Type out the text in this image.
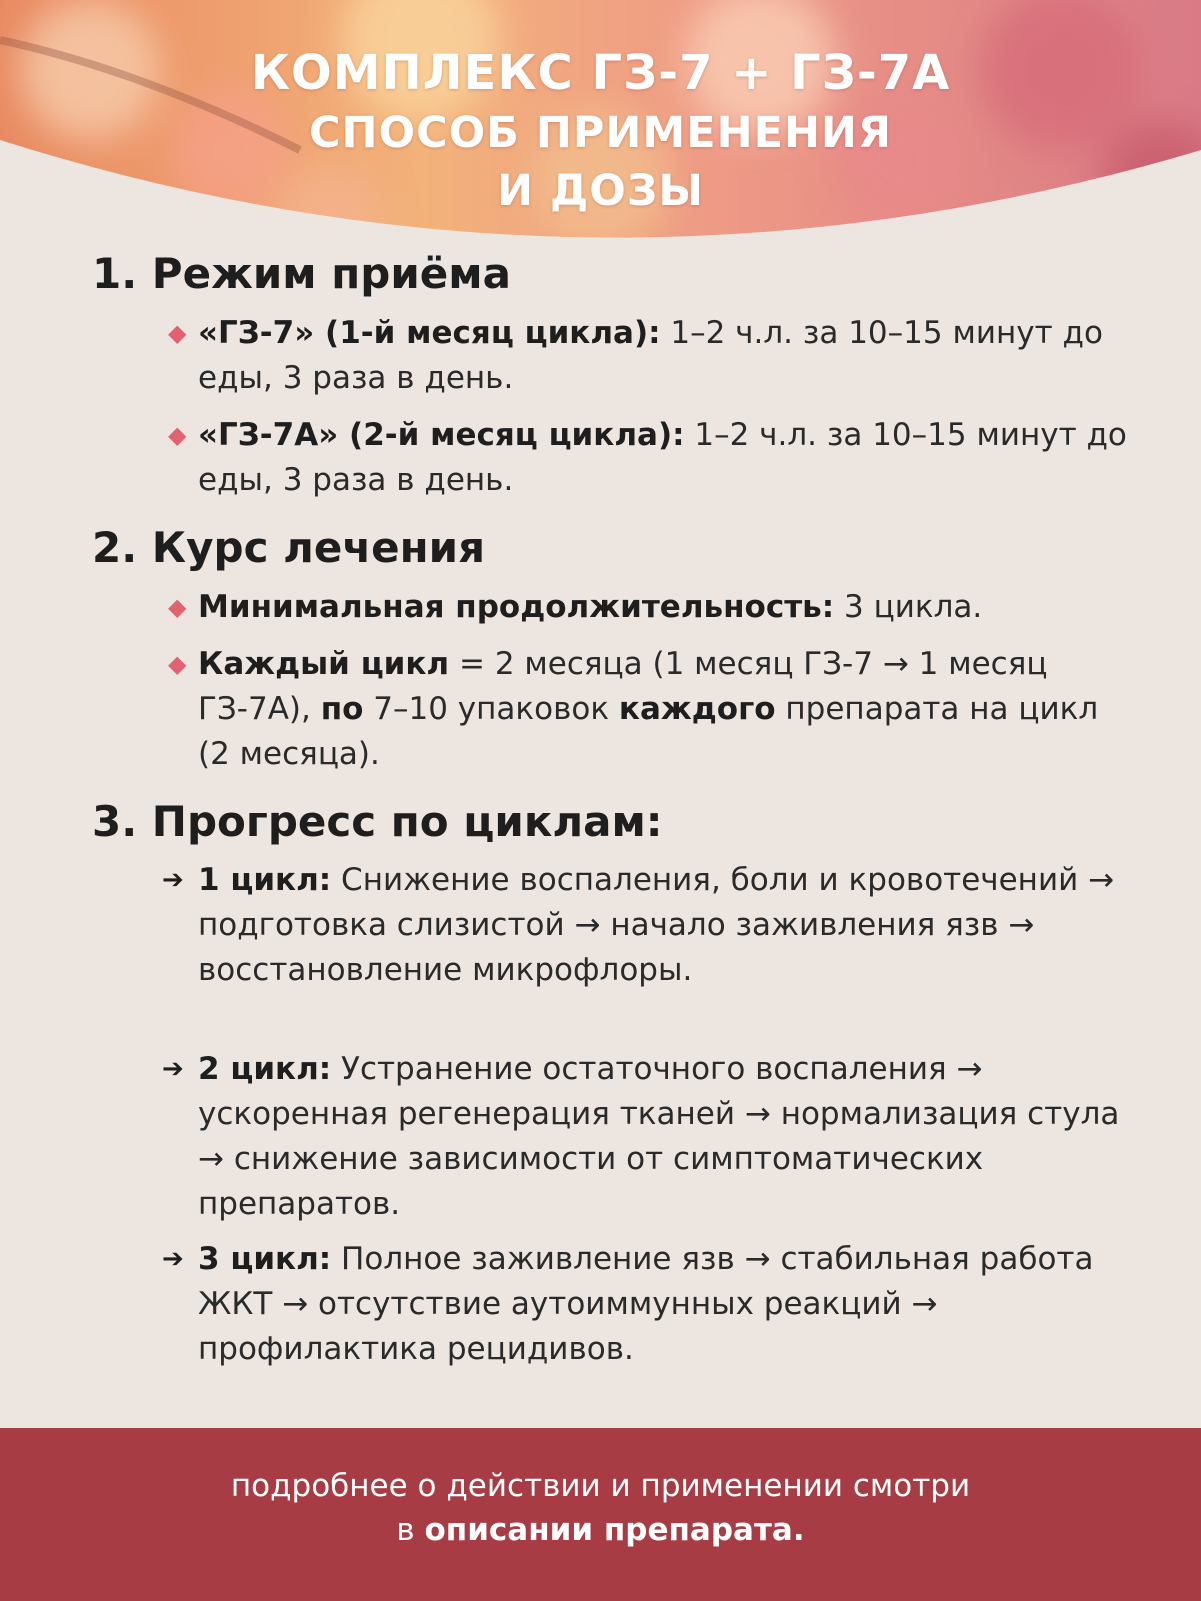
КОМПЛЕКС ГЗ-7 + ГЗ-7А
СПОСОБ ПРИМЕНЕНИЯ
И ДОЗЫ
1. Режим приёма
◆ «ГЗ-7» (1-й месяц цикла): 1–2 ч.л. за 10–15 минут до еды, 3 раза в день.
◆ «ГЗ-7А» (2-й месяц цикла): 1–2 ч.л. за 10–15 минут до еды, 3 раза в день.
2. Курс лечения
◆ Минимальная продолжительность: 3 цикла.
◆ Каждый цикл = 2 месяца (1 месяц ГЗ-7 → 1 месяц ГЗ-7А), по 7–10 упаковок каждого препарата на цикл (2 месяца).
3. Прогресс по циклам:
➔ 1 цикл: Снижение воспаления, боли и кровотечений → подготовка слизистой → начало заживления язв → восстановление микрофлоры.
➔ 2 цикл: Устранение остаточного воспаления → ускоренная регенерация тканей → нормализация стула → снижение зависимости от симптоматических препаратов.
➔ 3 цикл: Полное заживление язв → стабильная работа ЖКТ → отсутствие аутоиммунных реакций → профилактика рецидивов.
подробнее о действии и применении смотри
в описании препарата.
